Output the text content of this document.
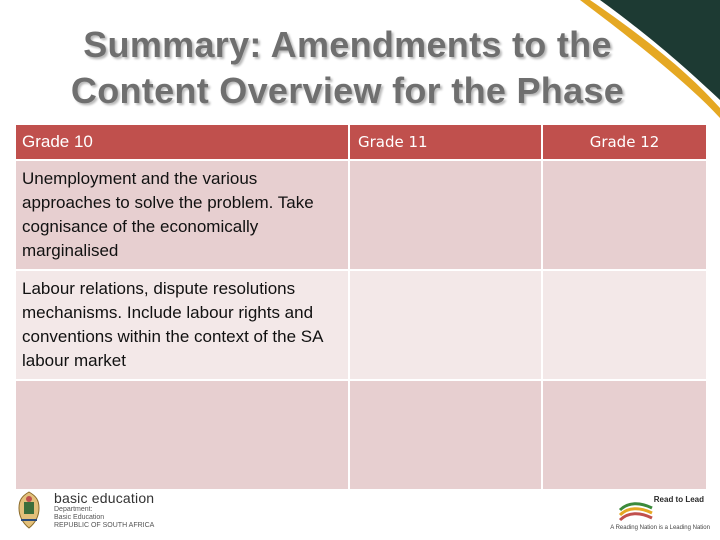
Summary: Amendments to the
Content Overview for the Phase
Grade 10	Grade 11	Grade 12
Unemployment and the various approaches to solve the problem. Take cognisance of the economically marginalised		
Labour relations, dispute resolutions mechanisms. Include labour rights and conventions within the context of the SA labour market		

basic education
Department:
Basic Education
REPUBLIC OF SOUTH AFRICA
Read to Lead
A Reading Nation is a Leading Nation
